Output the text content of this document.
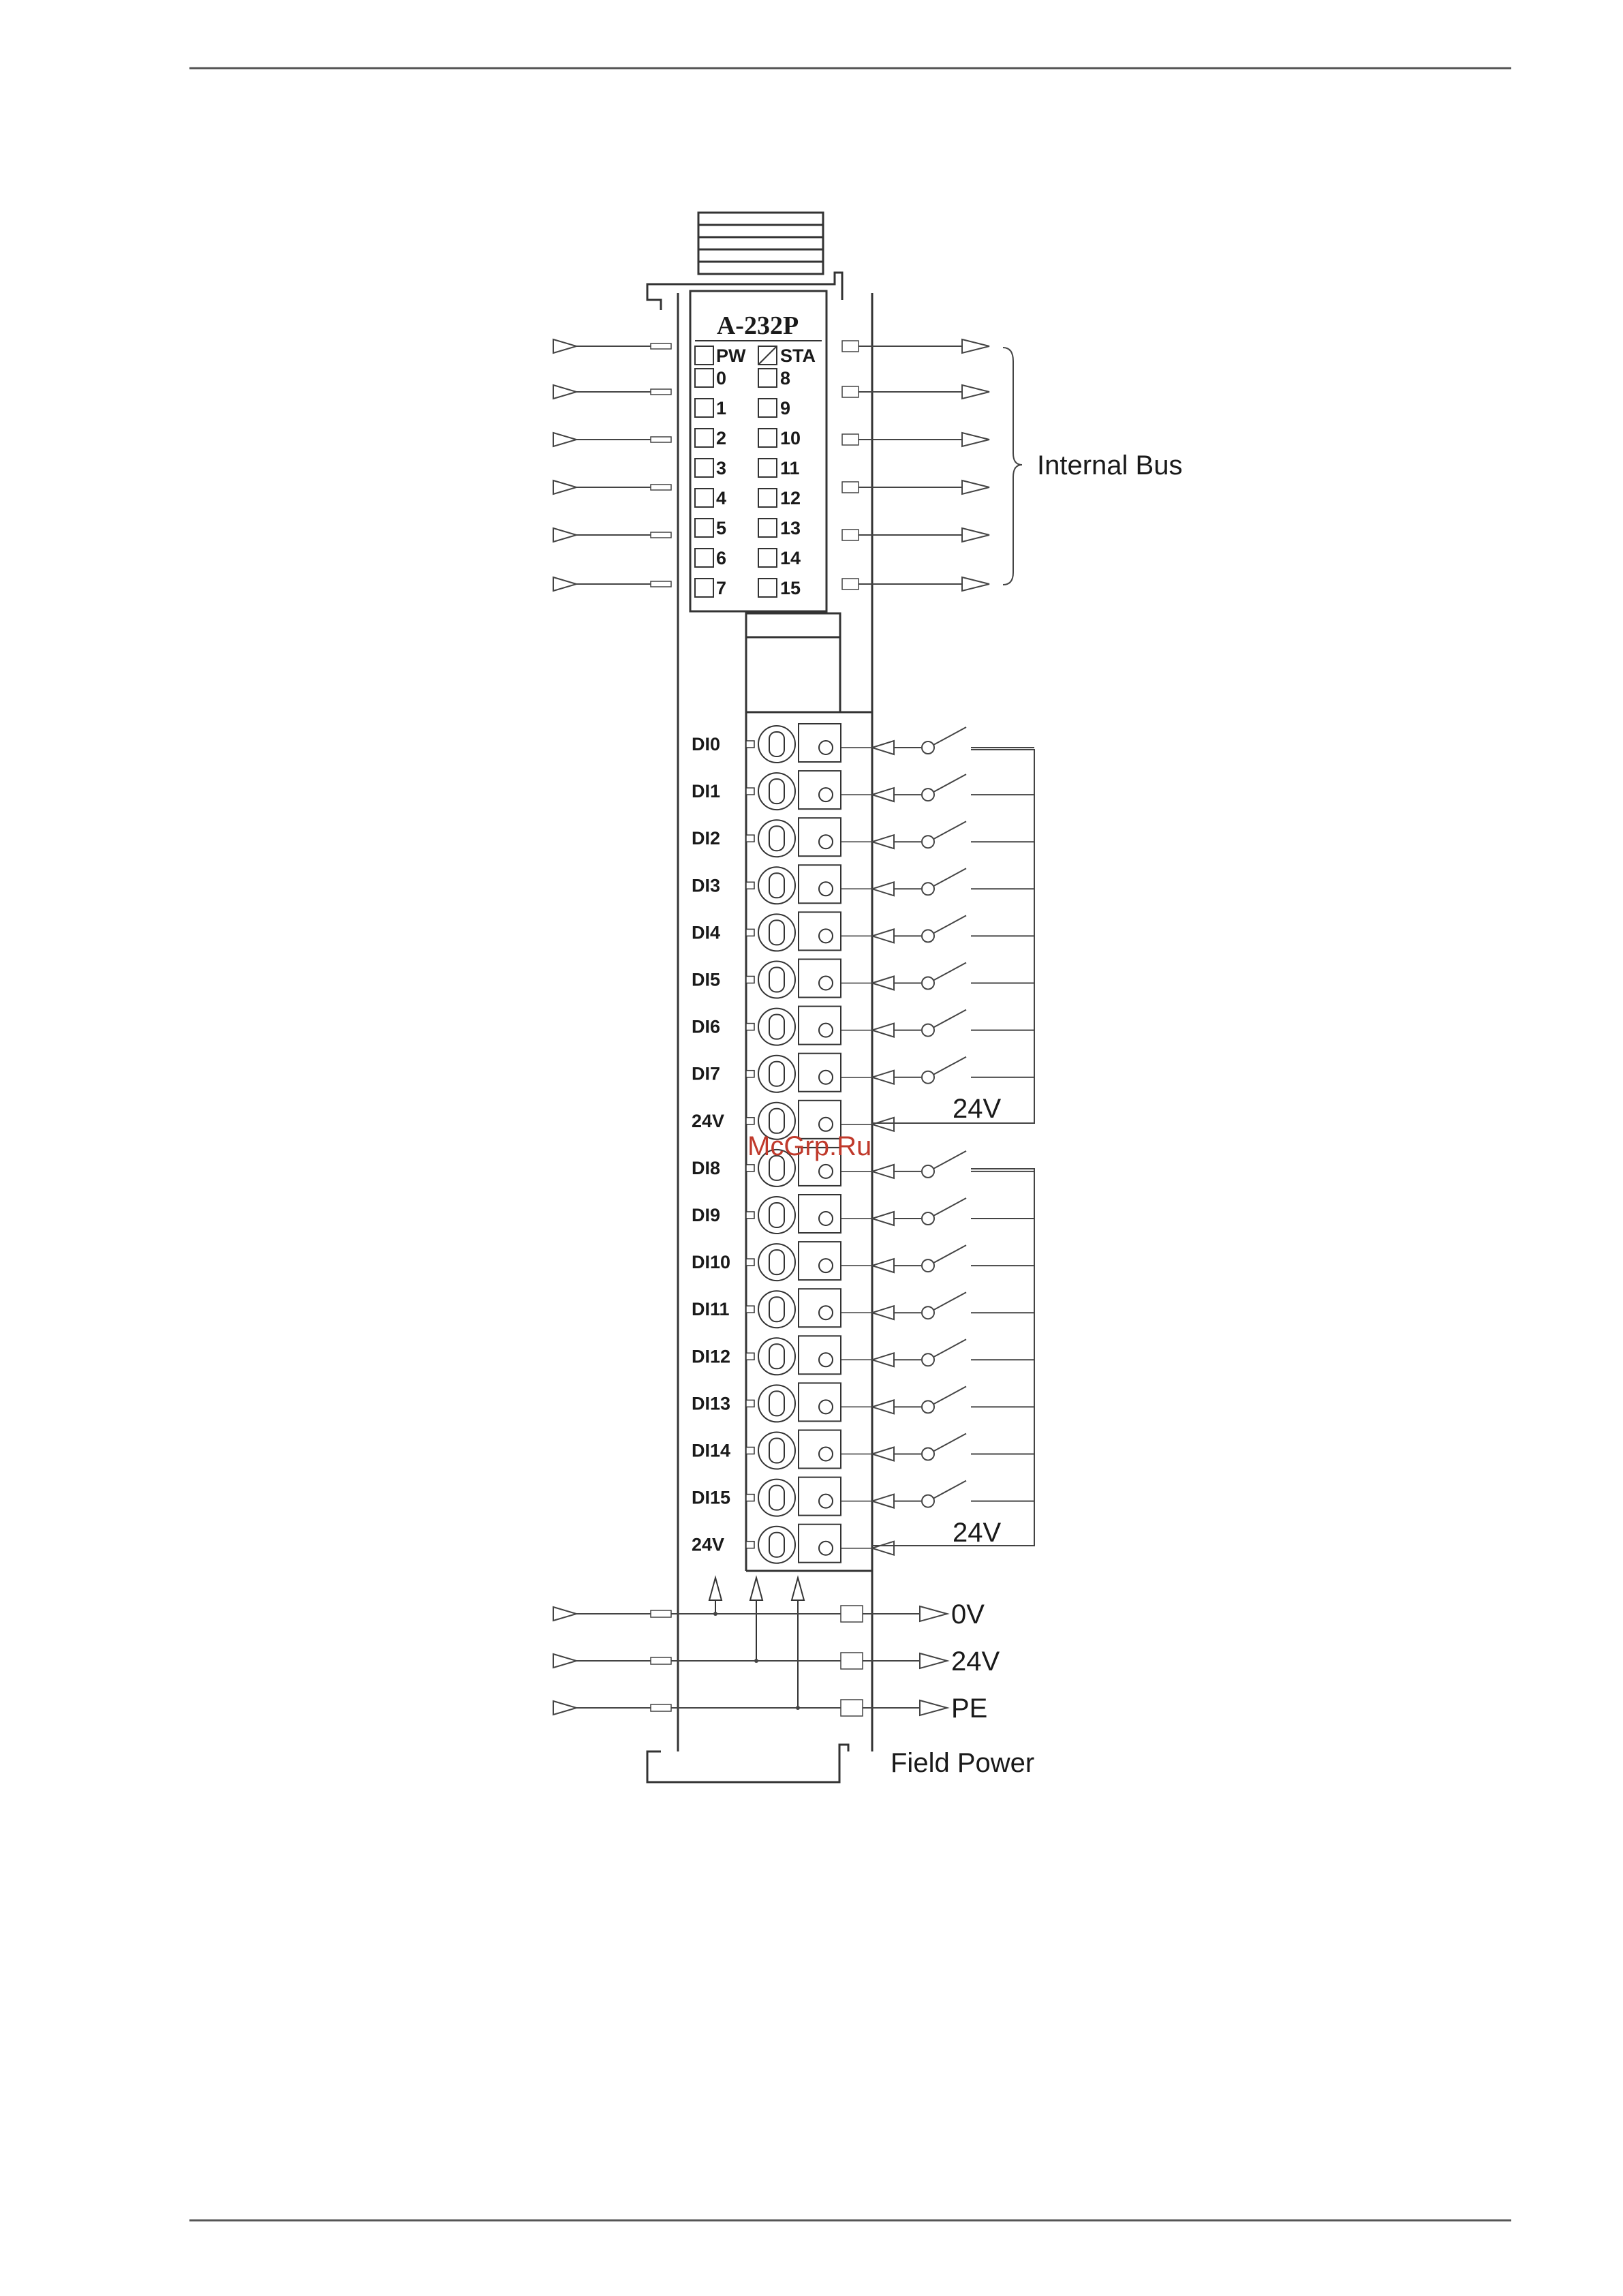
A-232P
PW STA
0	8
1	9
2	10
3	11
4	12
5	13
6	14
7	15
Internal Bus
DI0
DI1
DI2
DI3
DI4
DI5
DI6
DI7
24V
DI8
DI9
DI10
DI11
DI12
DI13
DI14
DI15
24V
24V
24V
0V
24V
PE
Field Power
McGrp.Ru
